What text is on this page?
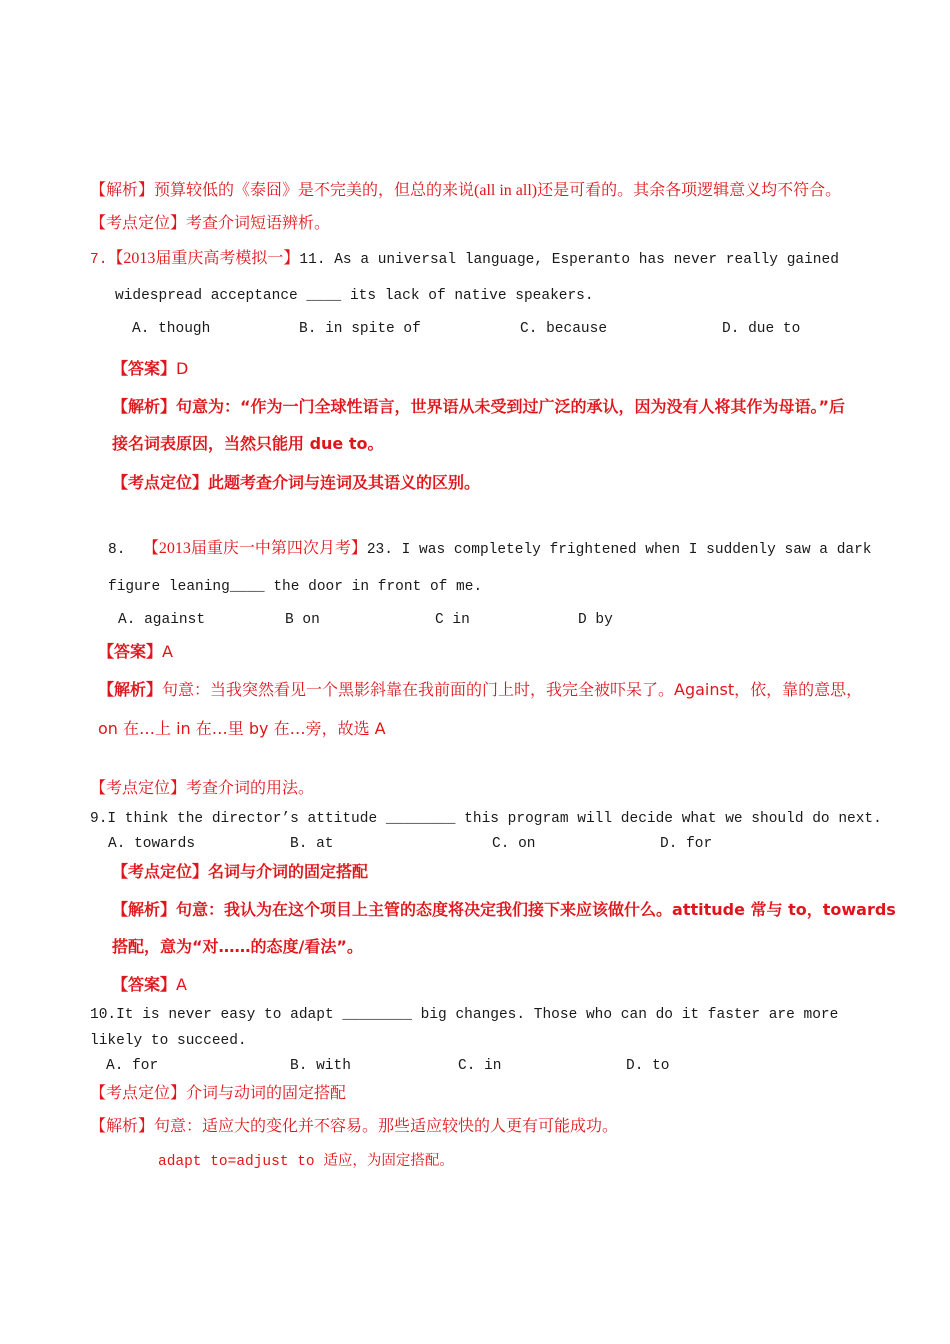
【解析】预算较低的《泰囧》是不完美的，但总的来说(all in all)还是可看的。其余各项逻辑意义均不符合。
【考点定位】考查介词短语辨析。
7.【2013届重庆高考模拟一】11. As a universal language, Esperanto has never really gained
widespread acceptance ____ its lack of native speakers.
A. though	B. in spite of	C. because	D. due to
【答案】D
【解析】句意为：“作为一门全球性语言，世界语从未受到过广泛的承认，因为没有人将其作为母语。”后
接名词表原因，当然只能用 due to。
【考点定位】此题考查介词与连词及其语义的区别。
8. 【2013届重庆一中第四次月考】23. I was completely frightened when I suddenly saw a dark
figure leaning____ the door in front of me.
A. against	B on	C in	D by
【答案】A
【解析】句意：当我突然看见一个黑影斜靠在我前面的门上时，我完全被吓呆了。Against，依，靠的意思，
on 在…上 in 在…里 by 在…旁，故选 A
【考点定位】考查介词的用法。
9.I think the director’s attitude ________ this program will decide what we should do next.
A. towards	B. at	C. on	D. for
【考点定位】名词与介词的固定搭配
【解析】句意：我认为在这个项目上主管的态度将决定我们接下来应该做什么。attitude 常与 to，towards
搭配，意为“对……的态度/看法”。
【答案】A
10.It is never easy to adapt ________ big changes. Those who can do it faster are more
likely to succeed.
A. for	B. with	C. in	D. to
【考点定位】介词与动词的固定搭配
【解析】句意：适应大的变化并不容易。那些适应较快的人更有可能成功。
adapt to=adjust to 适应，为固定搭配。
